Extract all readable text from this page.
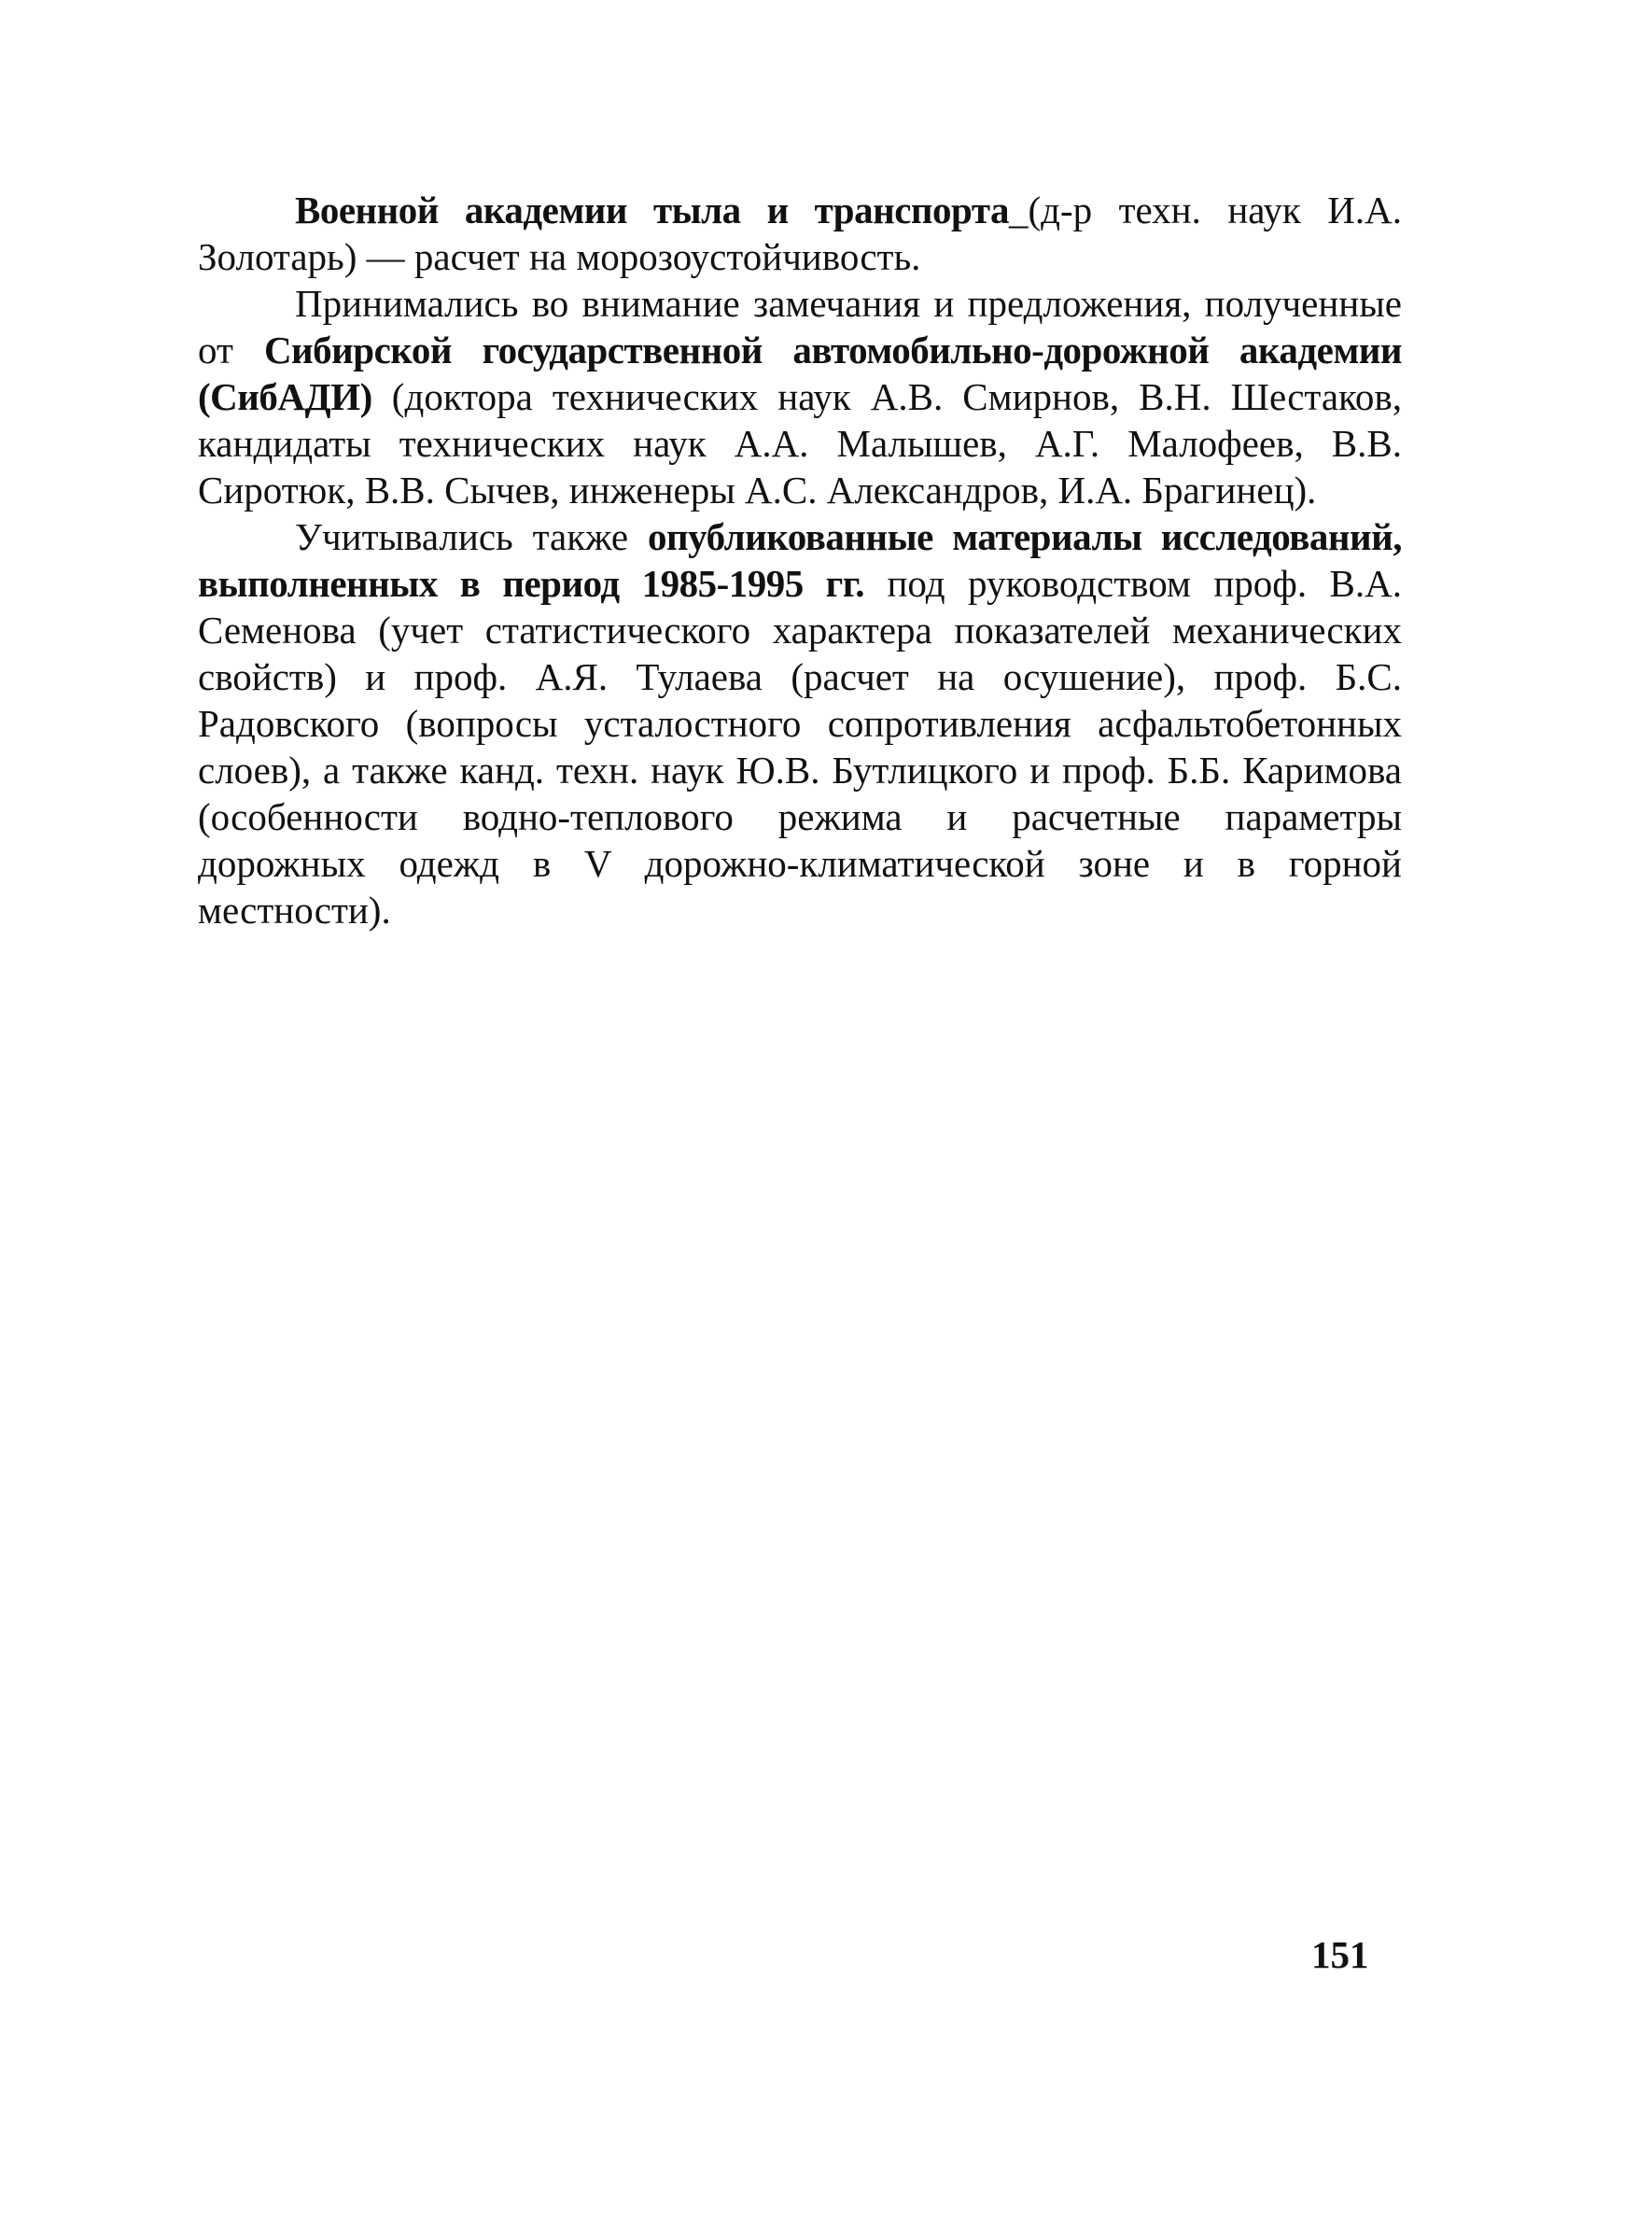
Военной академии тыла и транспорта_(д-р техн. наук И.А. Золотарь) — расчет на морозоустойчивость.

Принимались во внимание замечания и предложения, полученные от Сибирской государственной автомобильно-дорожной академии (СибАДИ) (доктора технических наук А.В. Смирнов, В.Н. Шестаков, кандидаты технических наук А.А. Малышев, А.Г. Малофеев, В.В. Сиротюк, В.В. Сычев, инженеры А.С. Александров, И.А. Брагинец).

Учитывались также опубликованные материалы исследований, выполненных в период 1985-1995 гг. под руководством проф. В.А. Семенова (учет статистического характера показателей механических свойств) и проф. А.Я. Тулаева (расчет на осушение), проф. Б.С. Радовского (вопросы усталостного сопротивления асфальтобетонных слоев), а также канд. техн. наук Ю.В. Бутлицкого и проф. Б.Б. Каримова (особенности водно-теплового режима и расчетные параметры дорожных одежд в V дорожно-климатической зоне и в горной местности).

151
